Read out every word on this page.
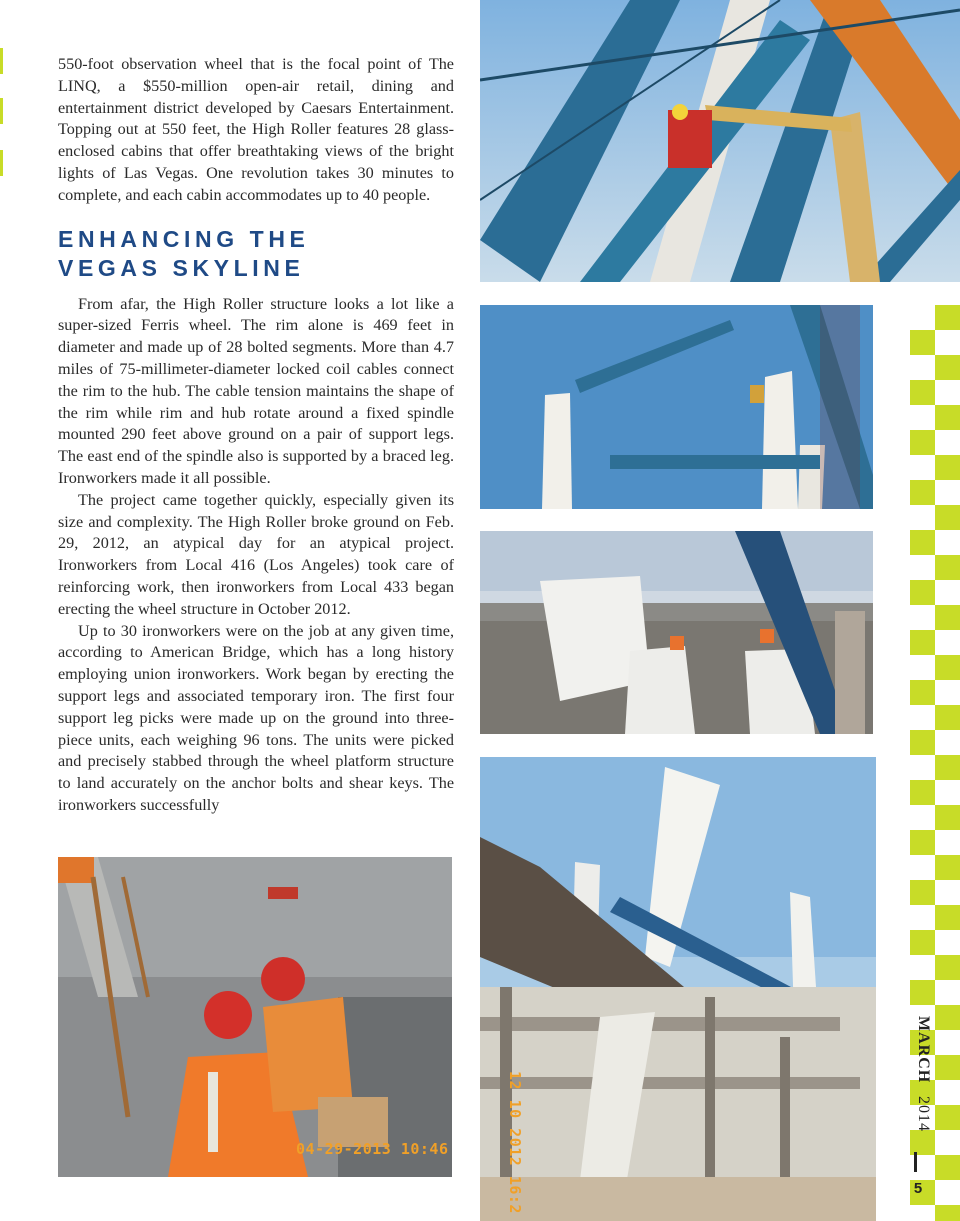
550-foot observation wheel that is the focal point of The LINQ, a $550-million open-air retail, dining and entertainment district developed by Caesars Entertainment. Topping out at 550 feet, the High Roller features 28 glass-enclosed cabins that offer breathtaking views of the bright lights of Las Vegas. One revolution takes 30 minutes to complete, and each cabin accommodates up to 40 people.

ENHANCING THE
VEGAS SKYLINE

From afar, the High Roller structure looks a lot like a super-sized Ferris wheel. The rim alone is 469 feet in diameter and made up of 28 bolted segments. More than 4.7 miles of 75-millimeter-diameter locked coil cables connect the rim to the hub. The cable tension maintains the shape of the rim while rim and hub rotate around a fixed spindle mounted 290 feet above ground on a pair of support legs. The east end of the spindle also is supported by a braced leg. Ironworkers made it all possible.

The project came together quickly, especially given its size and complexity. The High Roller broke ground on Feb. 29, 2012, an atypical day for an atypical project. Ironworkers from Local 416 (Los Angeles) took care of reinforcing work, then ironworkers from Local 433 began erecting the wheel structure in October 2012.

Up to 30 ironworkers were on the job at any given time, according to American Bridge, which has a long history employing union ironworkers. Work began by erecting the support legs and associated temporary iron. The first four support leg picks were made up on the ground into three-piece units, each weighing 96 tons. The units were picked and precisely stabbed through the wheel platform structure to land accurately on the anchor bolts and shear keys. The ironworkers successfully

12 10 2012 16:2
04-29-2013 10:46
MARCH 2014
5
